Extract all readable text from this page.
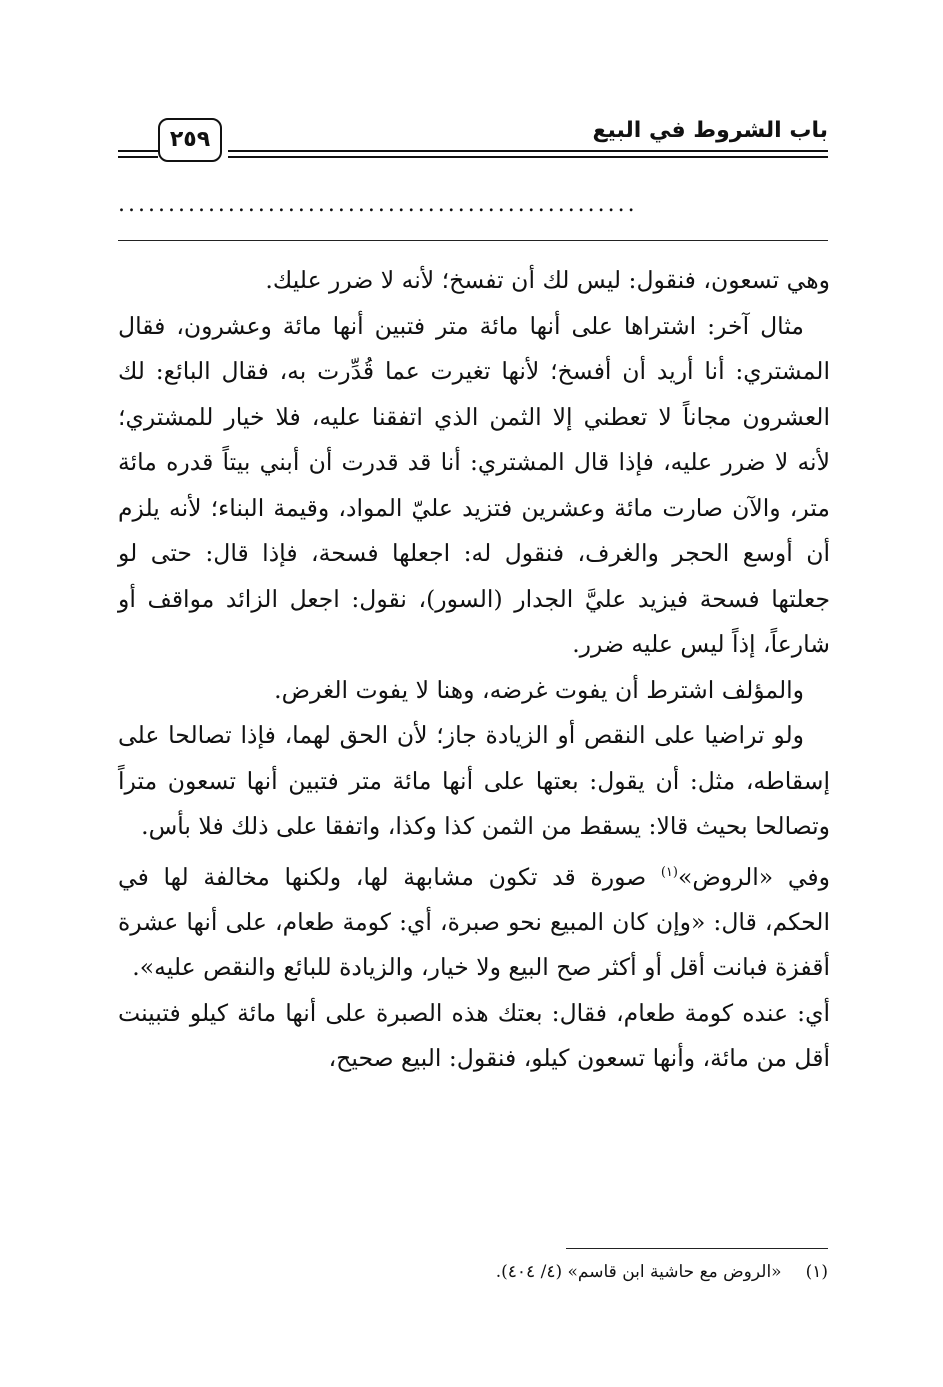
باب الشروط في البيع
٢٥٩
....................................................

وهي تسعون، فنقول: ليس لك أن تفسخ؛ لأنه لا ضرر عليك.

مثال آخر: اشتراها على أنها مائة متر فتبين أنها مائة وعشرون، فقال المشتري: أنا أريد أن أفسخ؛ لأنها تغيرت عما قُدِّرت به، فقال البائع: لك العشرون مجاناً لا تعطني إلا الثمن الذي اتفقنا عليه، فلا خيار للمشتري؛ لأنه لا ضرر عليه، فإذا قال المشتري: أنا قد قدرت أن أبني بيتاً قدره مائة متر، والآن صارت مائة وعشرين فتزيد عليّ المواد، وقيمة البناء؛ لأنه يلزم أن أوسع الحجر والغرف، فنقول له: اجعلها فسحة، فإذا قال: حتى لو جعلتها فسحة فيزيد عليَّ الجدار (السور)، نقول: اجعل الزائد مواقف أو شارعاً، إذاً ليس عليه ضرر.

والمؤلف اشترط أن يفوت غرضه، وهنا لا يفوت الغرض.

ولو تراضيا على النقص أو الزيادة جاز؛ لأن الحق لهما، فإذا تصالحا على إسقاطه، مثل: أن يقول: بعتها على أنها مائة متر فتبين أنها تسعون متراً وتصالحا بحيث قالا: يسقط من الثمن كذا وكذا، واتفقا على ذلك فلا بأس.

وفي «الروض»$^{(١)}$ صورة قد تكون مشابهة لها، ولكنها مخالفة لها في الحكم، قال: «وإن كان المبيع نحو صبرة، أي: كومة طعام، على أنها عشرة أقفزة فبانت أقل أو أكثر صح البيع ولا خيار، والزيادة للبائع والنقص عليه».

أي: عنده كومة طعام، فقال: بعتك هذه الصبرة على أنها مائة كيلو فتبينت أقل من مائة، وأنها تسعون كيلو، فنقول: البيع صحيح،

(١)«الروض مع حاشية ابن قاسم» (٤/ ٤٠٤).
